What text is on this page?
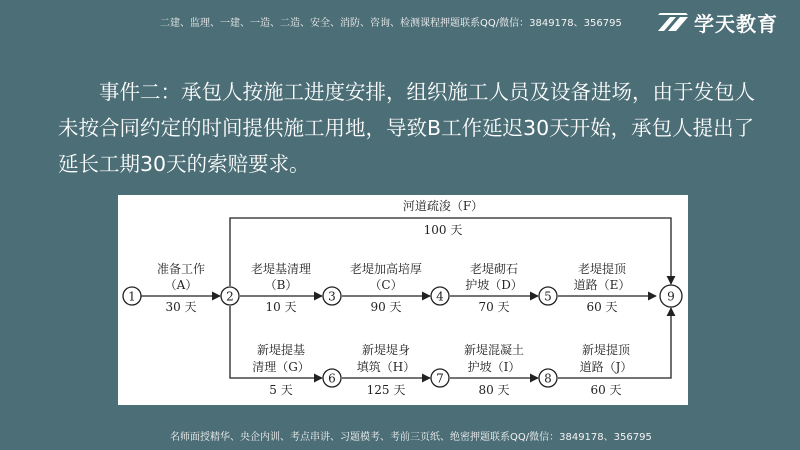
二建、监理、一建、一造、二造、安全、消防、咨询、检测课程押题联系QQ/微信：3849178、356795	学天教育

　　事件二：承包人按施工进度安排，组织施工人员及设备进场，由于发包人未按合同约定的时间提供施工用地，导致B工作延迟30天开始，承包人提出了延长工期30天的索赔要求。

1	2	3	4	5
6	7	8
9
河道疏浚（F）
100 天
准备工作
（A）
30 天
老堤基清理
（B）
10 天
老堤加高培厚
（C）
90 天
老堤砌石
护坡（D）
70 天
老堤提顶
道路（E）
60 天
新堤提基
清理（G）
5 天
新堤堤身
填筑（H）
125 天
新堤混凝土
护坡（I）
80 天
新堤提顶
道路（J）
60 天
名师面授精华、央企内训、考点串讲、习题模考、考前三页纸、绝密押题联系QQ/微信：3849178、356795
